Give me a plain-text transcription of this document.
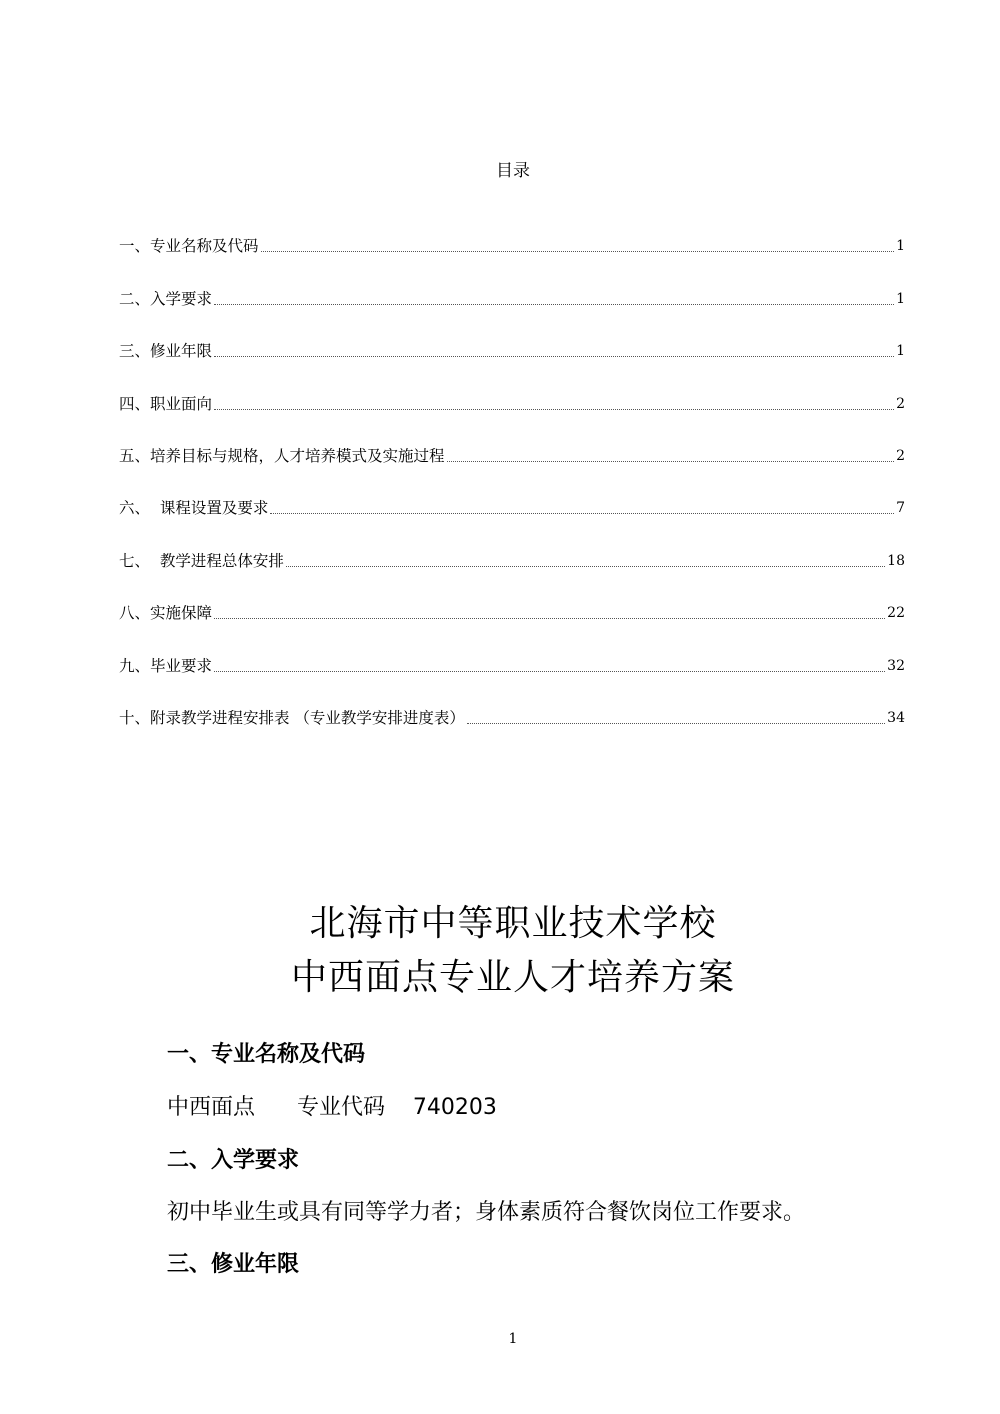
目录
一、专业名称及代码	1
二、入学要求	1
三、修业年限	1
四、职业面向	2
五、培养目标与规格，人才培养模式及实施过程	2
六、  课程设置及要求	7
七、  教学进程总体安排	18
八、实施保障	22
九、毕业要求	32
十、附录教学进程安排表 （专业教学安排进度表）	34
北海市中等职业技术学校
中西面点专业人才培养方案

一、专业名称及代码

中西面点      专业代码    740203

二、入学要求

初中毕业生或具有同等学力者；身体素质符合餐饮岗位工作要求。

三、修业年限

1
